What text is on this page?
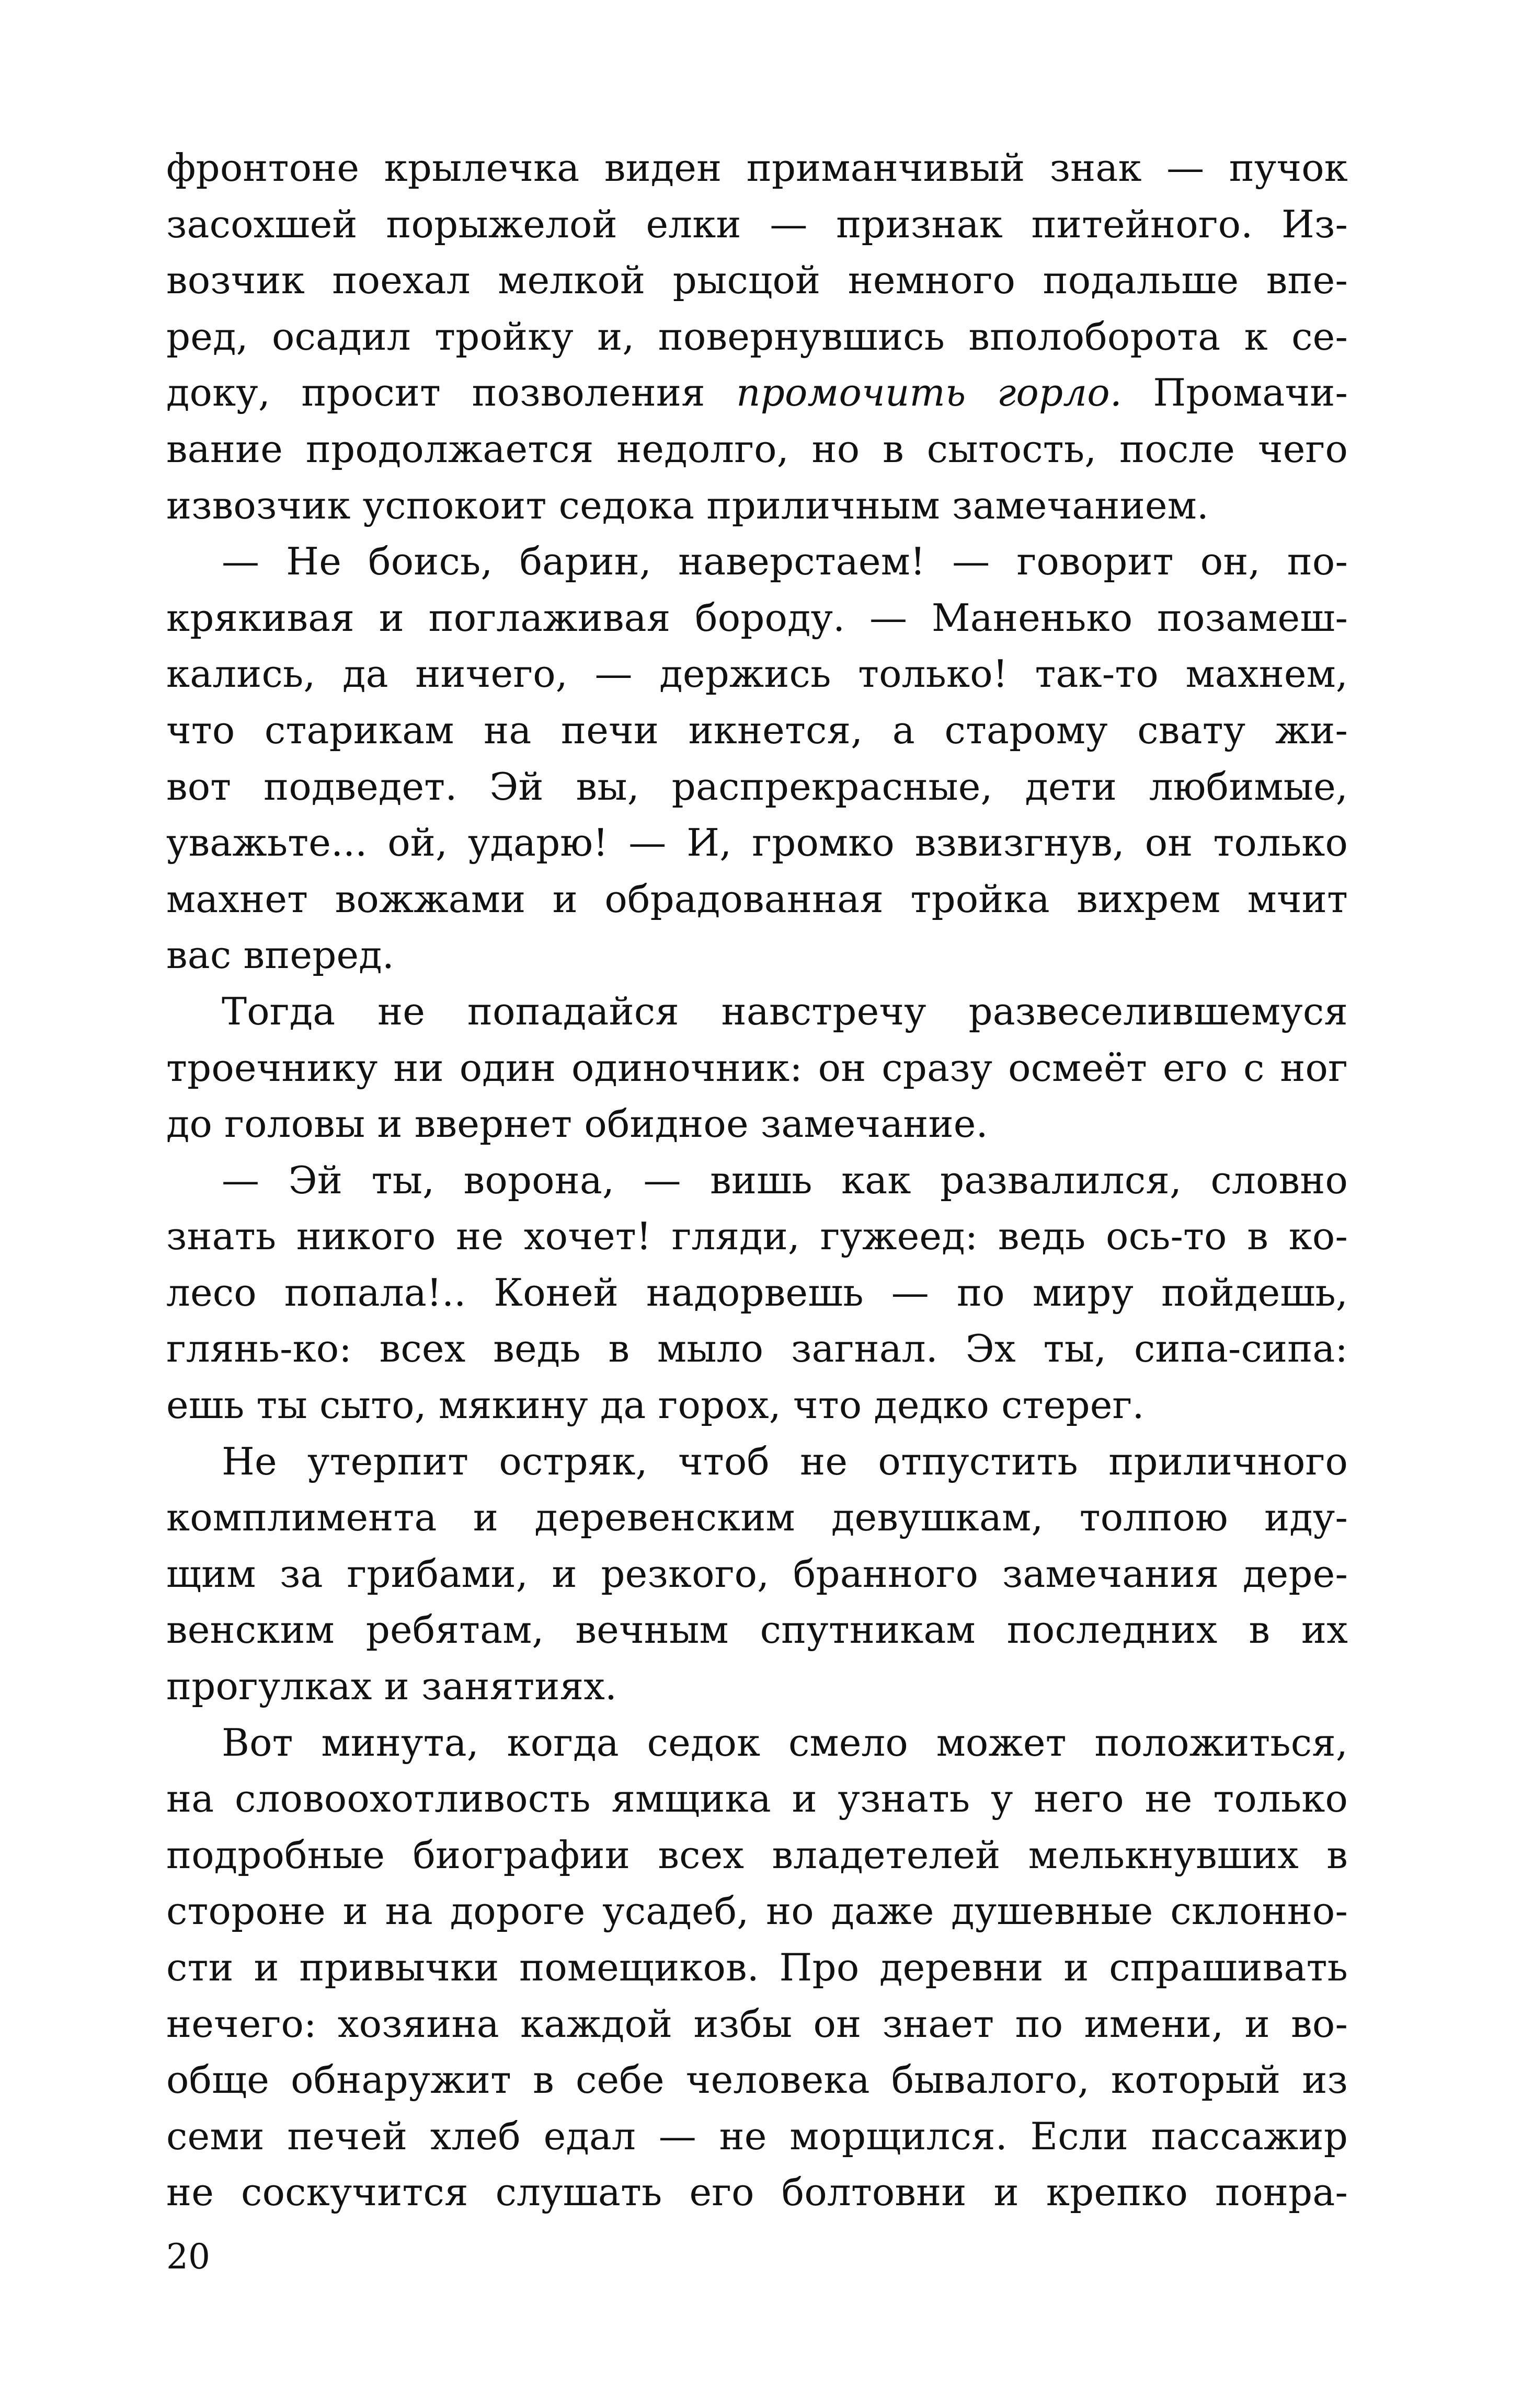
фронтоне крылечка виден приманчивый знак — пучок
засохшей порыжелой елки — признак питейного. Из-
возчик поехал мелкой рысцой немного подальше впе-
ред, осадил тройку и, повернувшись вполоборота к се-
доку, просит позволения промочить горло. Промачи-
вание продолжается недолго, но в сытость, после чего
извозчик успокоит седока приличным замечанием.
— Не боись, барин, наверстаем! — говорит он, по-
крякивая и поглаживая бороду. — Маненько позамеш-
кались, да ничего, — держись только! так-то махнем,
что старикам на печи икнется, а старому свату жи-
вот подведет. Эй вы, распрекрасные, дети любимые,
уважьте... ой, ударю! — И, громко взвизгнув, он только
махнет вожжами и обрадованная тройка вихрем мчит
вас вперед.
Тогда не попадайся навстречу развеселившемуся
троечнику ни один одиночник: он сразу осмеёт его с ног
до головы и ввернет обидное замечание.
— Эй ты, ворона, — вишь как развалился, словно
знать никого не хочет! гляди, гужеед: ведь ось-то в ко-
лесо попала!.. Коней надорвешь — по миру пойдешь,
глянь-ко: всех ведь в мыло загнал. Эх ты, сипа-сипа:
ешь ты сыто, мякину да горох, что дедко стерег.
Не утерпит остряк, чтоб не отпустить приличного
комплимента и деревенским девушкам, толпою иду-
щим за грибами, и резкого, бранного замечания дере-
венским ребятам, вечным спутникам последних в их
прогулках и занятиях.
Вот минута, когда седок смело может положиться,
на словоохотливость ямщика и узнать у него не только
подробные биографии всех владетелей мелькнувших в
стороне и на дороге усадеб, но даже душевные склонно-
сти и привычки помещиков. Про деревни и спрашивать
нечего: хозяина каждой избы он знает по имени, и во-
обще обнаружит в себе человека бывалого, который из
семи печей хлеб едал — не морщился. Если пассажир
не соскучится слушать его болтовни и крепко понра-
20
